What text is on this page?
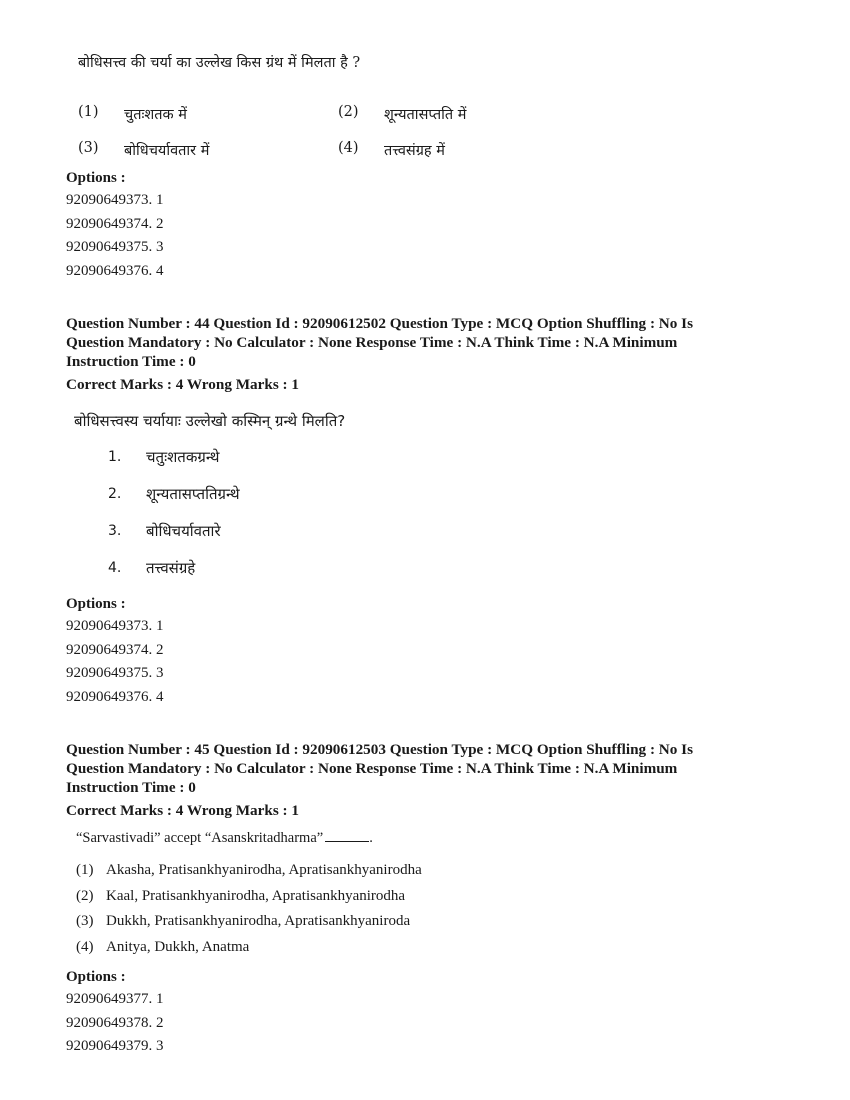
बोधिसत्त्व की चर्या का उल्लेख किस ग्रंथ में मिलता है ?
(1)	चुतःशतक में	(2)	शून्यतासप्तति में
(3)	बोधिचर्यावतार में	(4)	तत्त्वसंग्रह में
Options :
92090649373. 1
92090649374. 2
92090649375. 3
92090649376. 4
Question Number : 44 Question Id : 92090612502 Question Type : MCQ Option Shuffling : No Is
Question Mandatory : No Calculator : None Response Time : N.A Think Time : N.A Minimum
Instruction Time : 0
Correct Marks : 4 Wrong Marks : 1
बोधिसत्त्वस्य चर्यायाः उल्लेखो कस्मिन् ग्रन्थे मिलति?
1.	चतुःशतकग्रन्थे
2.	शून्यतासप्ततिग्रन्थे
3.	बोधिचर्यावतारे
4.	तत्त्वसंग्रहे
Options :
92090649373. 1
92090649374. 2
92090649375. 3
92090649376. 4
Question Number : 45 Question Id : 92090612503 Question Type : MCQ Option Shuffling : No Is
Question Mandatory : No Calculator : None Response Time : N.A Think Time : N.A Minimum
Instruction Time : 0
Correct Marks : 4 Wrong Marks : 1
“Sarvastivadi” accept “Asanskritadharma”	.
(1) Akasha, Pratisankhyanirodha, Apratisankhyanirodha
(2) Kaal, Pratisankhyanirodha, Apratisankhyanirodha
(3) Dukkh, Pratisankhyanirodha, Apratisankhyaniroda
(4) Anitya, Dukkh, Anatma
Options :
92090649377. 1
92090649378. 2
92090649379. 3
